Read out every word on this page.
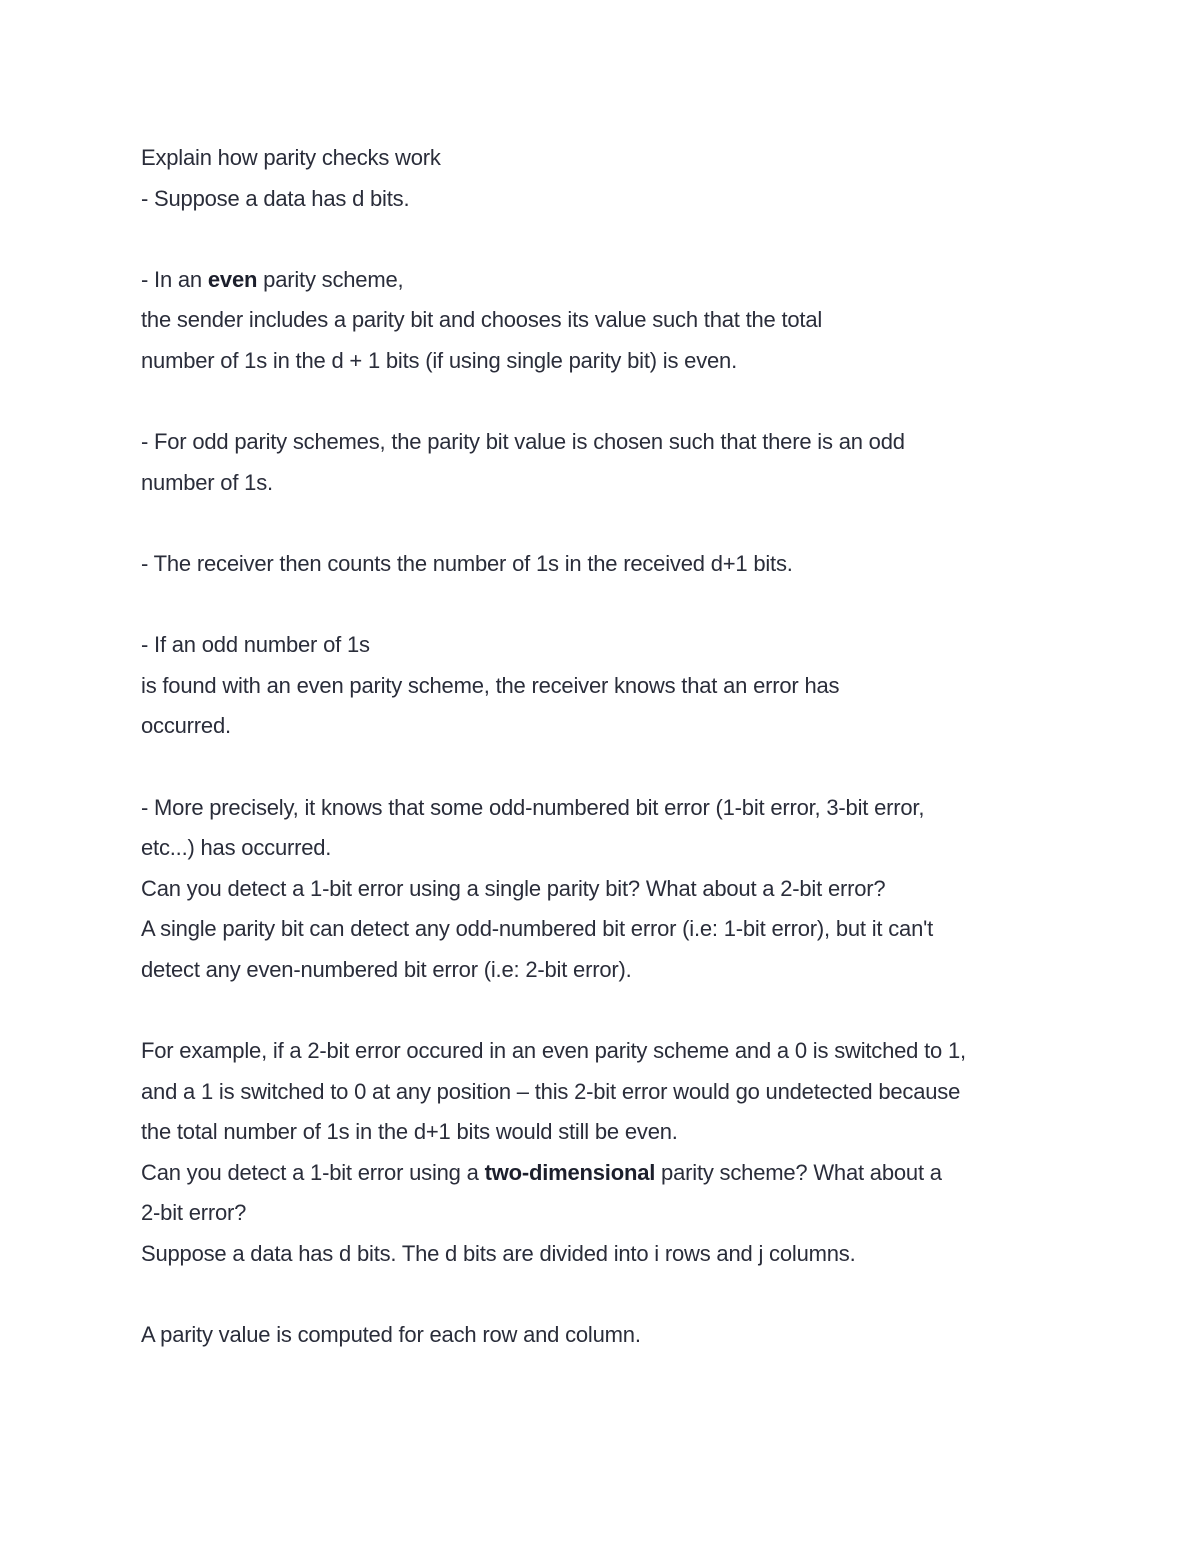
Explain how parity checks work
- Suppose a data has d bits.
- In an even parity scheme,
the sender includes a parity bit and chooses its value such that the total
number of 1s in the d + 1 bits (if using single parity bit) is even.
- For odd parity schemes, the parity bit value is chosen such that there is an odd
number of 1s.
- The receiver then counts the number of 1s in the received d+1 bits.
- If an odd number of 1s
is found with an even parity scheme, the receiver knows that an error has
occurred.
- More precisely, it knows that some odd-numbered bit error (1-bit error, 3-bit error,
etc...) has occurred.
Can you detect a 1-bit error using a single parity bit? What about a 2-bit error?
A single parity bit can detect any odd-numbered bit error (i.e: 1-bit error), but it can't
detect any even-numbered bit error (i.e: 2-bit error).
For example, if a 2-bit error occured in an even parity scheme and a 0 is switched to 1,
and a 1 is switched to 0 at any position – this 2-bit error would go undetected because
the total number of 1s in the d+1 bits would still be even.
Can you detect a 1-bit error using a two-dimensional parity scheme? What about a
2-bit error?
Suppose a data has d bits. The d bits are divided into i rows and j columns.
A parity value is computed for each row and column.
